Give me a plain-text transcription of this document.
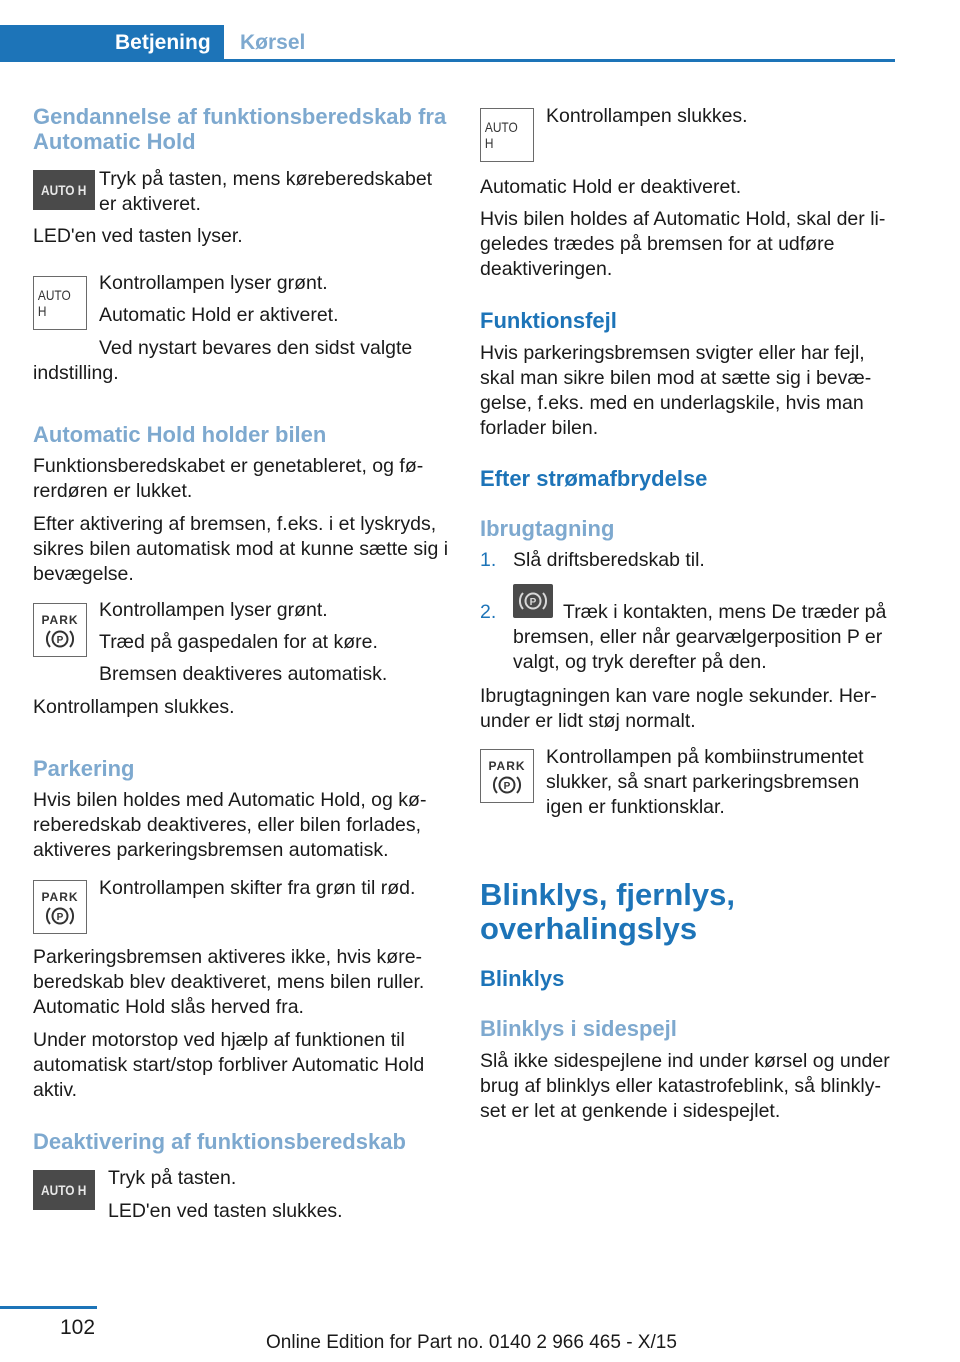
Betjening	Kørsel
Gendannelse af funktionsberedskab fra Automatic Hold
AUTO H Tryk på tasten, mens køreberedskabet er aktiveret.
LED'en ved tasten lyser.
AUTO H
Kontrollampen lyser grønt.
Automatic Hold er aktiveret.
Ved nystart bevares den sidst valgte indstilling.
Automatic Hold holder bilen
Funktionsberedskabet er genetableret, og førerdøren er lukket.
Efter aktivering af bremsen, f.eks. i et lyskryds, sikres bilen automatisk mod at kunne sætte sig i bevægelse.
PARK
P
Kontrollampen lyser grønt.
Træd på gaspedalen for at køre.
Bremsen deaktiveres automatisk.
Kontrollampen slukkes.
Parkering
Hvis bilen holdes med Automatic Hold, og køreberedskab deaktiveres, eller bilen forlades, aktiveres parkeringsbremsen automatisk.
PARK
P
Kontrollampen skifter fra grøn til rød.
Parkeringsbremsen aktiveres ikke, hvis køreberedskab blev deaktiveret, mens bilen ruller. Automatic Hold slås herved fra.
Under motorstop ved hjælp af funktionen til automatisk start/stop forbliver Automatic Hold aktiv.
Deaktivering af funktionsberedskab
AUTO H
Tryk på tasten.
LED'en ved tasten slukkes.
AUTO H
Kontrollampen slukkes.
Automatic Hold er deaktiveret.
Hvis bilen holdes af Automatic Hold, skal der ligeledes trædes på bremsen for at udføre deaktiveringen.
Funktionsfejl
Hvis parkeringsbremsen svigter eller har fejl, skal man sikre bilen mod at sætte sig i bevægelse, f.eks. med en underlagskile, hvis man forlader bilen.
Efter strømafbrydelse
Ibrugtagning
1. Slå driftsberedskab til.
2.	P	Træk i kontakten, mens De træder på bremsen, eller når gearvælgerposition P er valgt, og tryk derefter på den.
Ibrugtagningen kan vare nogle sekunder. Herunder er lidt støj normalt.
PARK
P
Kontrollampen på kombiinstrumentet slukker, så snart parkeringsbremsen igen er funktionsklar.
Blinklys, fjernlys, overhalingslys
Blinklys
Blinklys i sidespejl
Slå ikke sidespejlene ind under kørsel og under brug af blinklys eller katastrofeblink, så blinklyset er let at genkende i sidespejlet.
102
Online Edition for Part no. 0140 2 966 465 - X/15
